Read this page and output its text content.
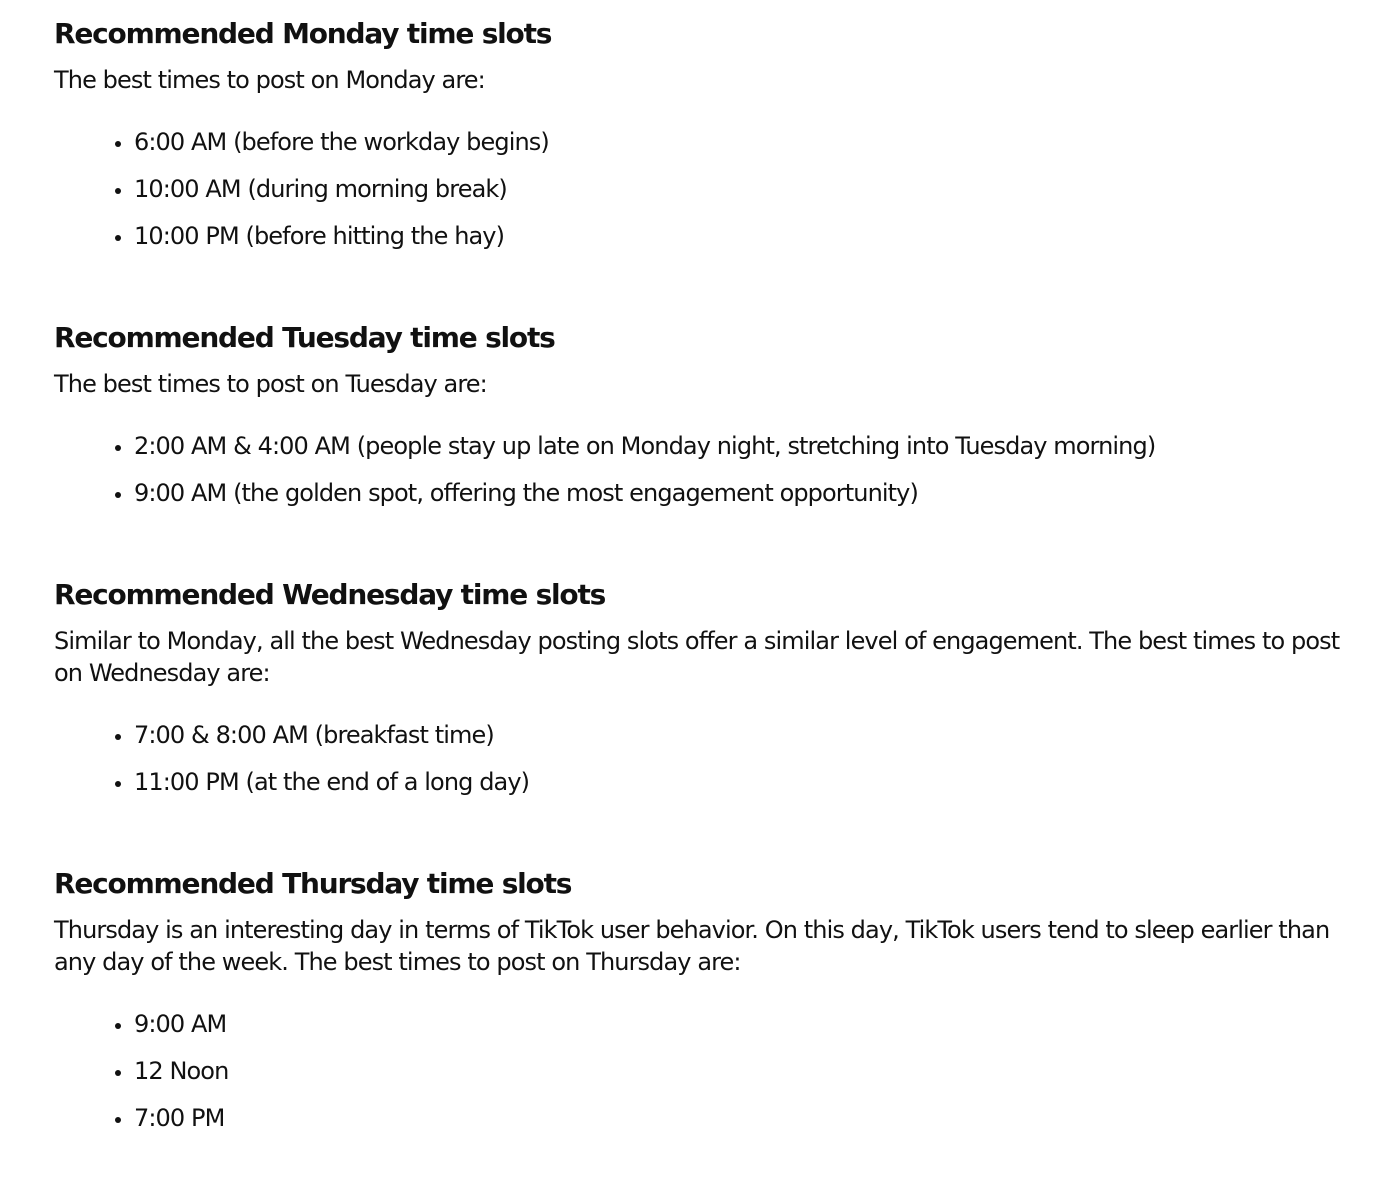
Recommended Monday time slots

The best times to post on Monday are:

• 6:00 AM (before the workday begins)
• 10:00 AM (during morning break)
• 10:00 PM (before hitting the hay)
Recommended Tuesday time slots

The best times to post on Tuesday are:

• 2:00 AM & 4:00 AM (people stay up late on Monday night, stretching into Tuesday morning)
• 9:00 AM (the golden spot, offering the most engagement opportunity)
Recommended Wednesday time slots

Similar to Monday, all the best Wednesday posting slots offer a similar level of engagement. The best times to post on Wednesday are:

• 7:00 & 8:00 AM (breakfast time)
• 11:00 PM (at the end of a long day)
Recommended Thursday time slots

Thursday is an interesting day in terms of TikTok user behavior. On this day, TikTok users tend to sleep earlier than any day of the week. The best times to post on Thursday are:

• 9:00 AM
• 12 Noon
• 7:00 PM
